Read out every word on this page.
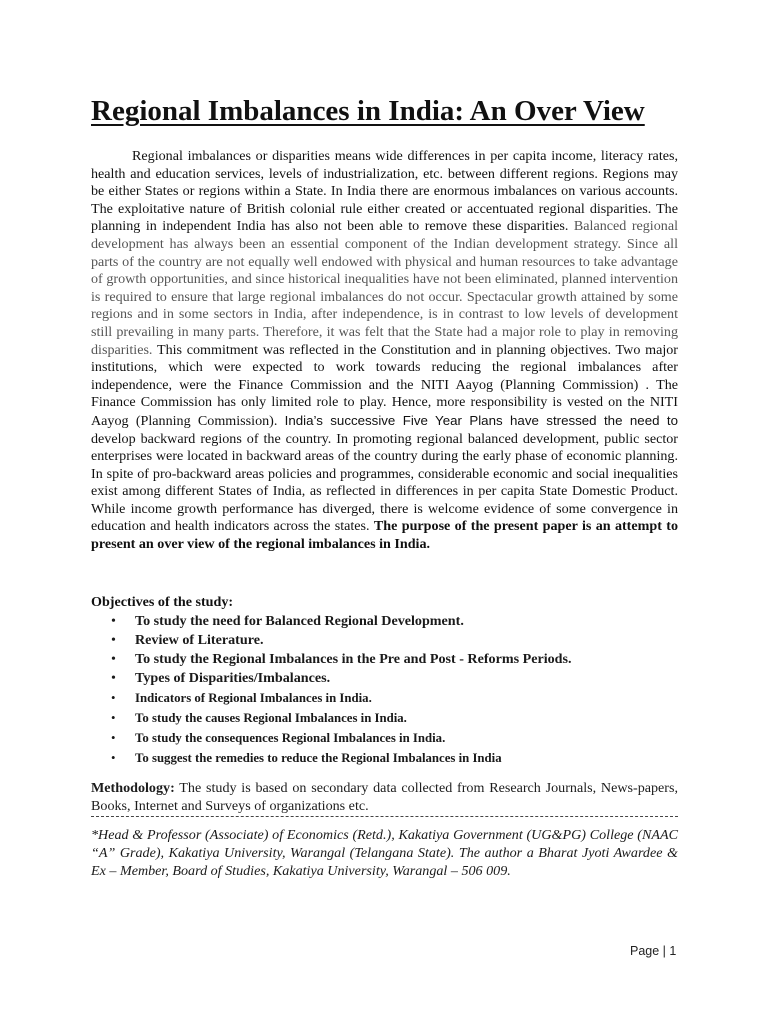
Regional Imbalances in India: An Over View

Regional imbalances or disparities means wide differences in per capita income, literacy rates, health and education services, levels of industrialization, etc. between different regions. Regions may be either States or regions within a State. In India there are enormous imbalances on various accounts. The exploitative nature of British colonial rule either created or accentuated regional disparities. The planning in independent India has also not been able to remove these disparities. Balanced regional development has always been an essential component of the Indian development strategy. Since all parts of the country are not equally well endowed with physical and human resources to take advantage of growth opportunities, and since historical inequalities have not been eliminated, planned intervention is required to ensure that large regional imbalances do not occur. Spectacular growth attained by some regions and in some sectors in India, after independence, is in contrast to low levels of development still prevailing in many parts. Therefore, it was felt that the State had a major role to play in removing disparities. This commitment was reflected in the Constitution and in planning objectives. Two major institutions, which were expected to work towards reducing the regional imbalances after independence, were the Finance Commission and the NITI Aayog (Planning Commission) . The Finance Commission has only limited role to play. Hence, more responsibility is vested on the NITI Aayog (Planning Commission). India’s successive Five Year Plans have stressed the need to develop backward regions of the country. In promoting regional balanced development, public sector enterprises were located in backward areas of the country during the early phase of economic planning. In spite of pro-backward areas policies and programmes, considerable economic and social inequalities exist among different States of India, as reflected in differences in per capita State Domestic Product. While income growth performance has diverged, there is welcome evidence of some convergence in education and health indicators across the states. The purpose of the present paper is an attempt to present an over view of the regional imbalances in India.

Objectives of the study:

• To study the need for Balanced Regional Development.
• Review of Literature.
• To study the Regional Imbalances in the Pre and Post - Reforms Periods.
• Types of Disparities/Imbalances.
• Indicators of Regional Imbalances in India.
• To study the causes Regional Imbalances in India.
• To study the consequences Regional Imbalances in India.
• To suggest the remedies to reduce the Regional Imbalances in India

Methodology: The study is based on secondary data collected from Research Journals, News-papers, Books, Internet and Surveys of organizations etc.

*Head & Professor (Associate) of Economics (Retd.), Kakatiya Government (UG&PG) College (NAAC “A” Grade), Kakatiya University, Warangal (Telangana State). The author a Bharat Jyoti Awardee & Ex – Member, Board of Studies, Kakatiya University, Warangal – 506 009.

Page | 1
